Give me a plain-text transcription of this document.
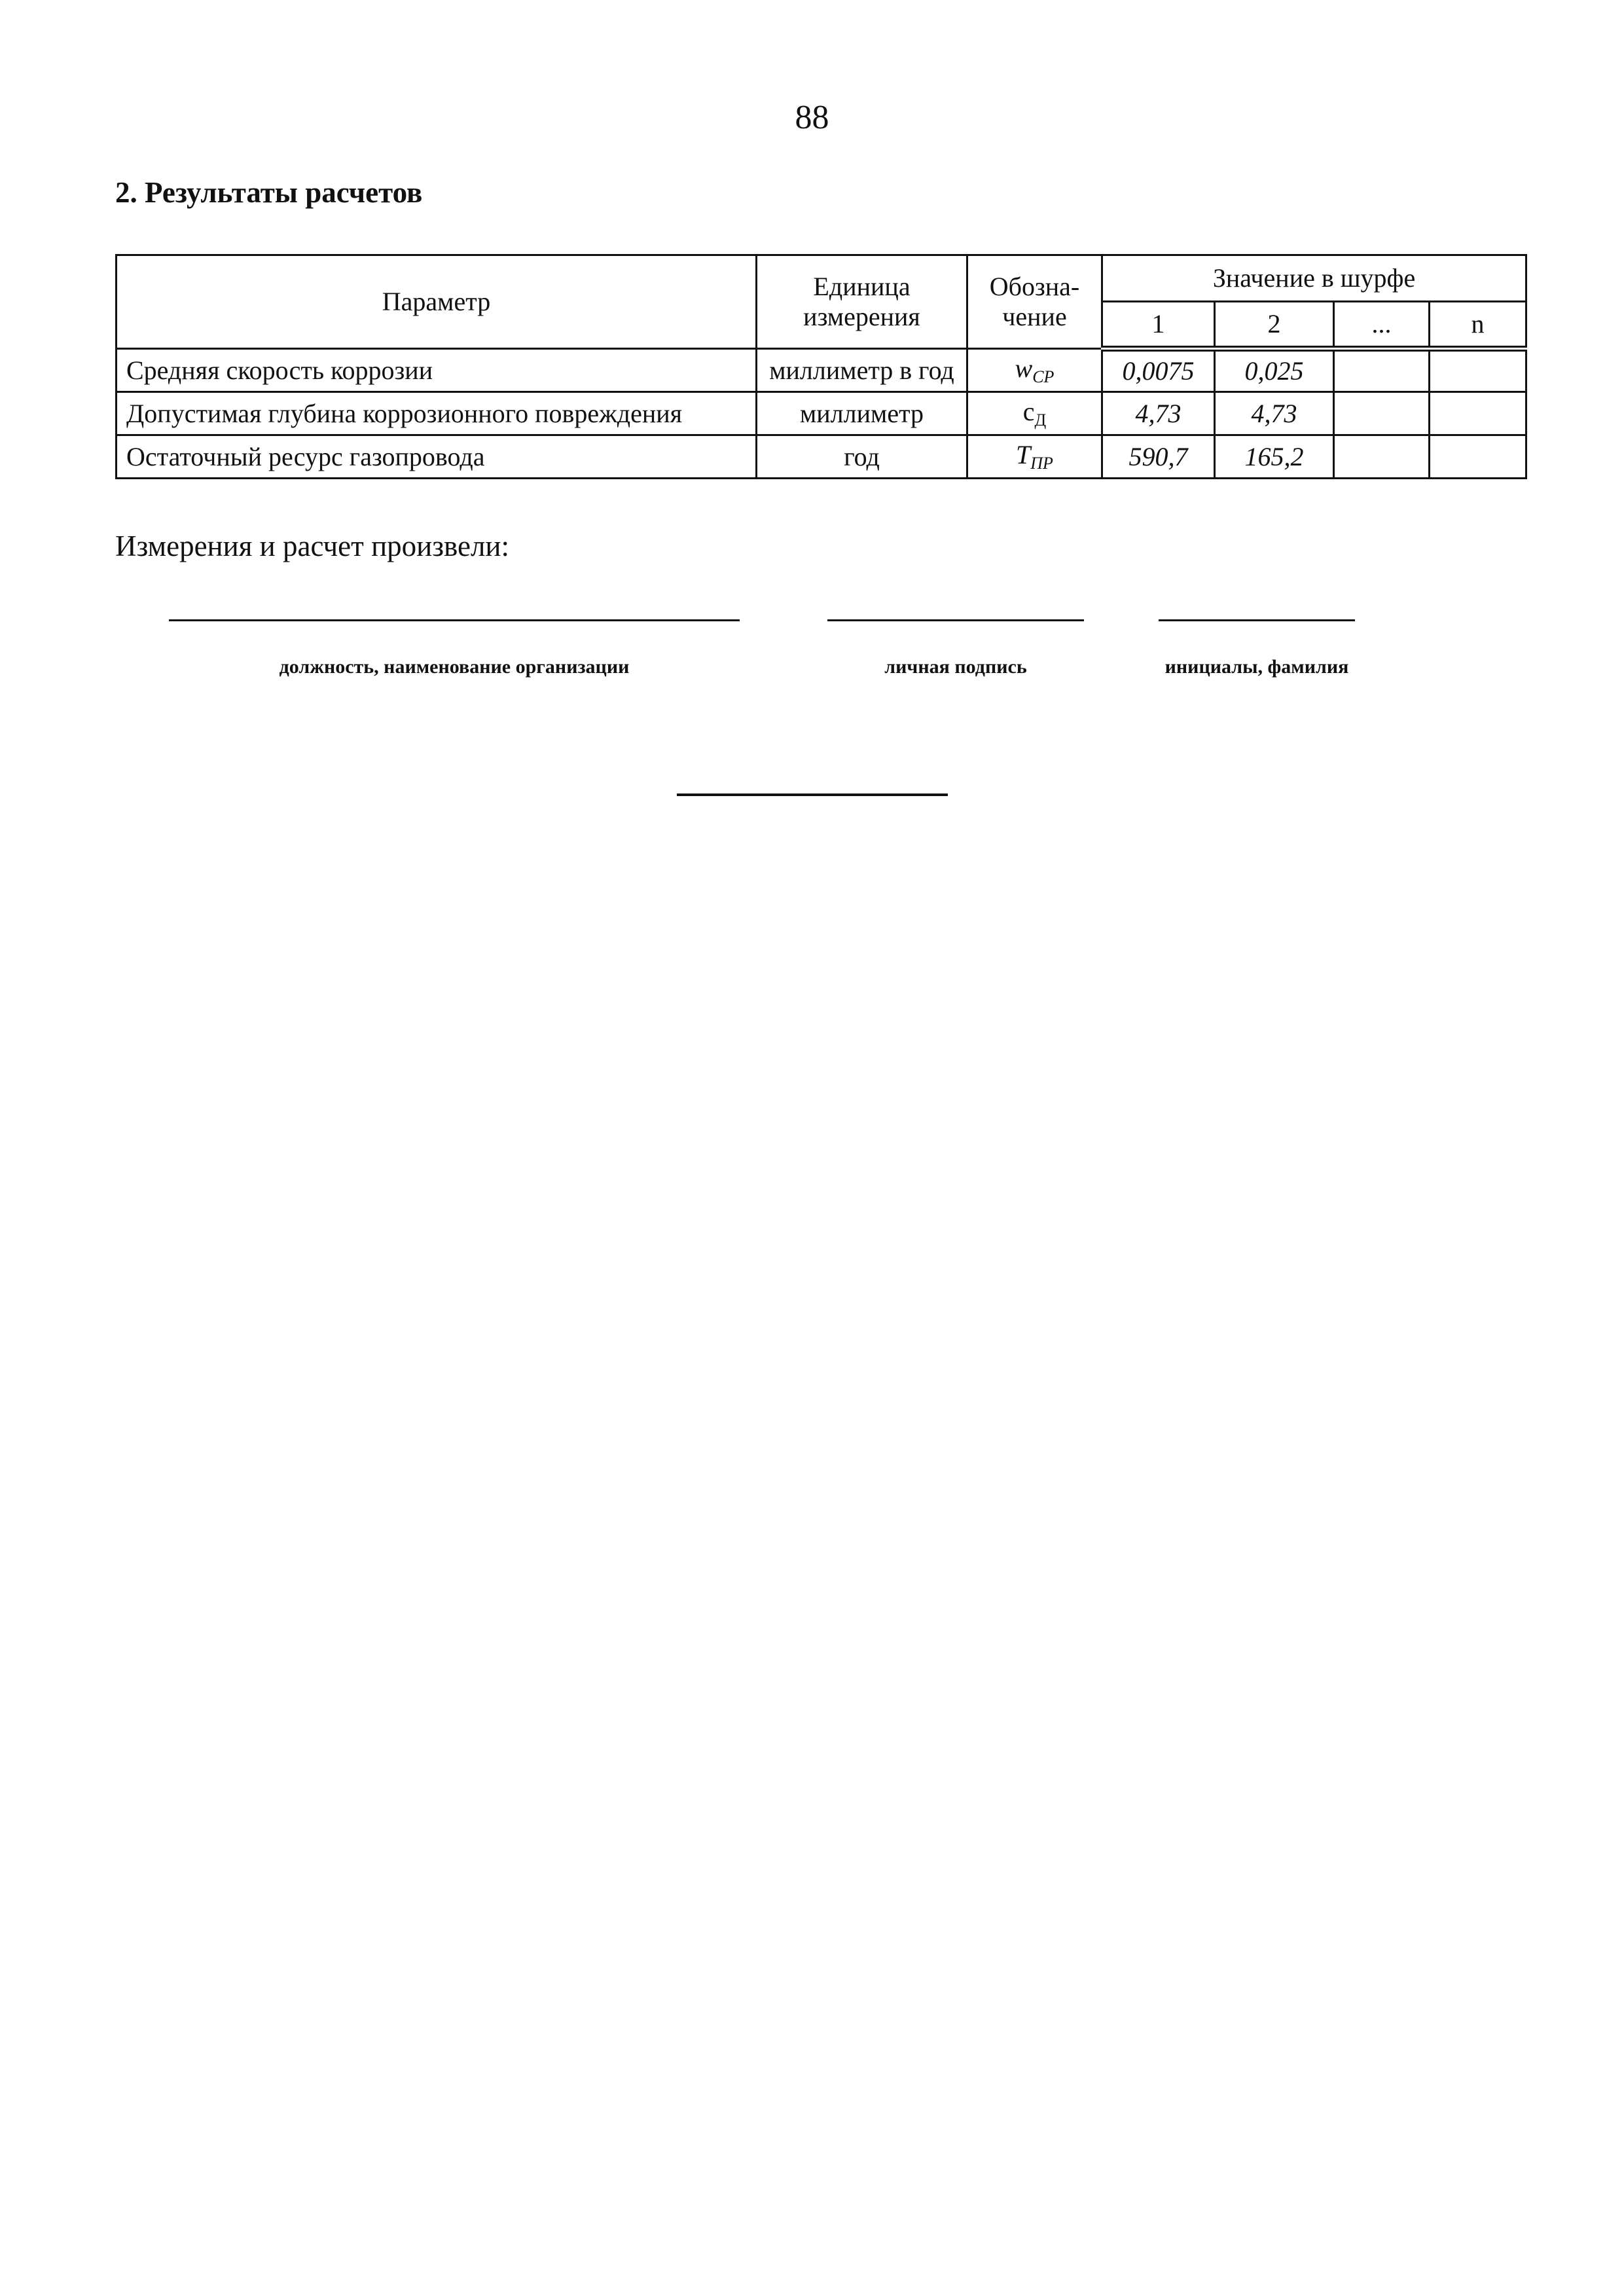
88
2. Результаты расчетов
Параметр	Единица измерения	Обозна-чение	Значение в шурфе			
			1	2	...	n
Средняя скорость коррозии	миллиметр в год	$w_{СР}$	0,0075	0,025		
Допустимая глубина коррозионного повреждения	миллиметр	$c_Д$	4,73	4,73		
Остаточный ресурс газопровода	год	$T_{ПР}$	590,7	165,2		
Измерения и расчет произвели:
должность, наименование организации	личная подпись	инициалы, фамилия
